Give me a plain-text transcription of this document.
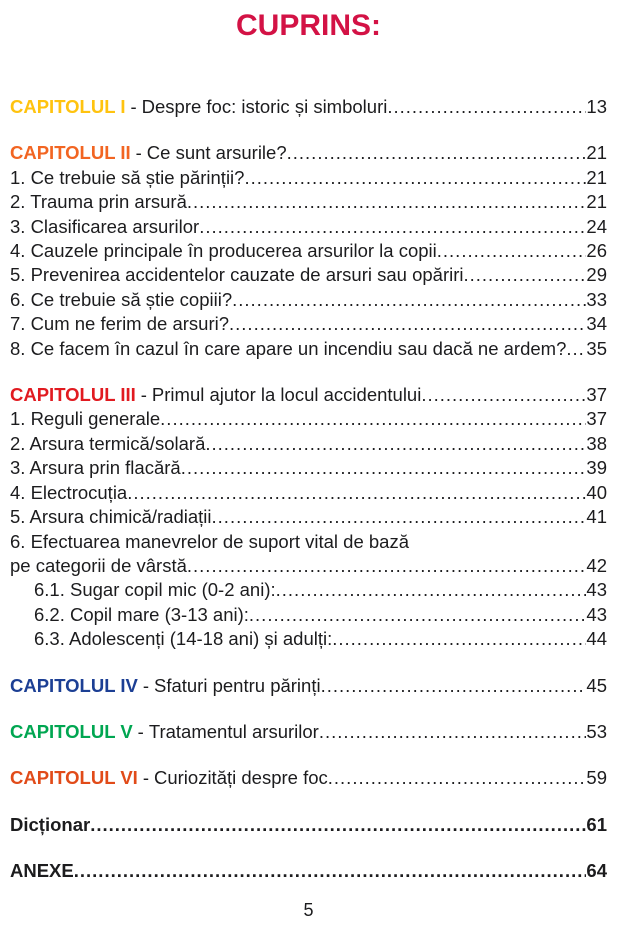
CUPRINS:
CAPITOLUL I - Despre foc: istoric și simboluri .....	13
CAPITOLUL II - Ce sunt arsurile? .....	21
1. Ce trebuie să știe părinții? .....	21
2. Trauma prin arsură .....	21
3. Clasificarea arsurilor .....	24
4. Cauzele principale în producerea arsurilor la copii .....	26
5. Prevenirea accidentelor cauzate de arsuri sau opăriri .....	29
6. Ce trebuie să știe copiii? .....	33
7. Cum ne ferim de arsuri? .....	34
8. Ce facem în cazul în care apare un incendiu sau dacă ne ardem? ..... 35
CAPITOLUL III - Primul ajutor la locul accidentului .....	37
1. Reguli generale .....	37
2. Arsura termică/solară .....	38
3. Arsura prin flacără .....	39
4. Electrocuția .....	40
5. Arsura chimică/radiații .....	41
6. Efectuarea manevrelor de suport vital de bază
pe categorii de vârstă .....	42
6.1. Sugar copil mic (0-2 ani): .....	43
6.2. Copil mare (3-13 ani): .....	43
6.3. Adolescenți (14-18 ani) și adulți: .....	44
CAPITOLUL IV - Sfaturi pentru părinți .....	45
CAPITOLUL V - Tratamentul arsurilor .....	53
CAPITOLUL VI - Curiozități despre foc .....	59
Dicționar .....	61
ANEXE .....	64
5
